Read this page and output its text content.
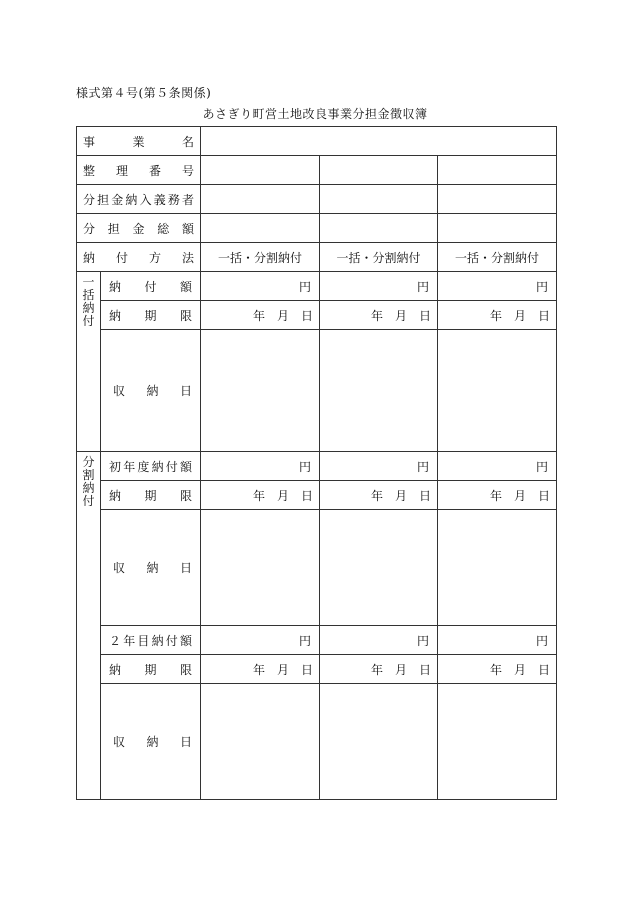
様式第４号(第５条関係)
あさぎり町営土地改良事業分担金徴収簿
事業名				
整理番号				
分担金納入義務者				
分担金総額				
納付方法		一括・分割納付	一括・分割納付	一括・分割納付

一
括
納
付	納付額	円	円	円
	納期限	年 月 日	年 月 日	年 月 日
	収納日			

分
割
納
付	初年度納付額	円	円	円
	納期限	年 月 日	年 月 日	年 月 日
	収納日			
	２年目納付額	円	円	円
	納期限	年 月 日	年 月 日	年 月 日
	収納日			
